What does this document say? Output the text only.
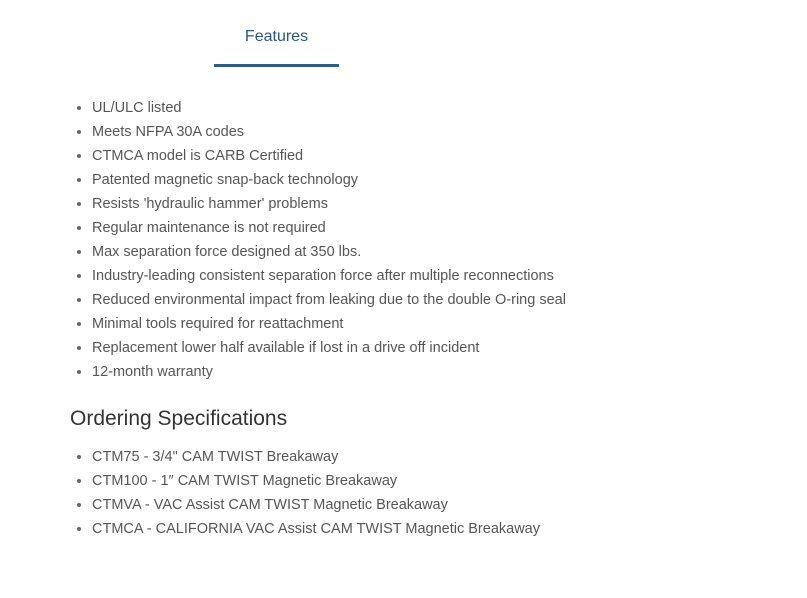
Features
• UL/ULC listed
• Meets NFPA 30A codes
• CTMCA model is CARB Certified
• Patented magnetic snap-back technology
• Resists 'hydraulic hammer' problems
• Regular maintenance is not required
• Max separation force designed at 350 lbs.
• Industry-leading consistent separation force after multiple reconnections
• Reduced environmental impact from leaking due to the double O-ring seal
• Minimal tools required for reattachment
• Replacement lower half available if lost in a drive off incident
• 12-month warranty
Ordering Specifications
• CTM75 - 3/4" CAM TWIST Breakaway
• CTM100 - 1″ CAM TWIST Magnetic Breakaway
• CTMVA - VAC Assist CAM TWIST Magnetic Breakaway
• CTMCA - CALIFORNIA VAC Assist CAM TWIST Magnetic Breakaway
